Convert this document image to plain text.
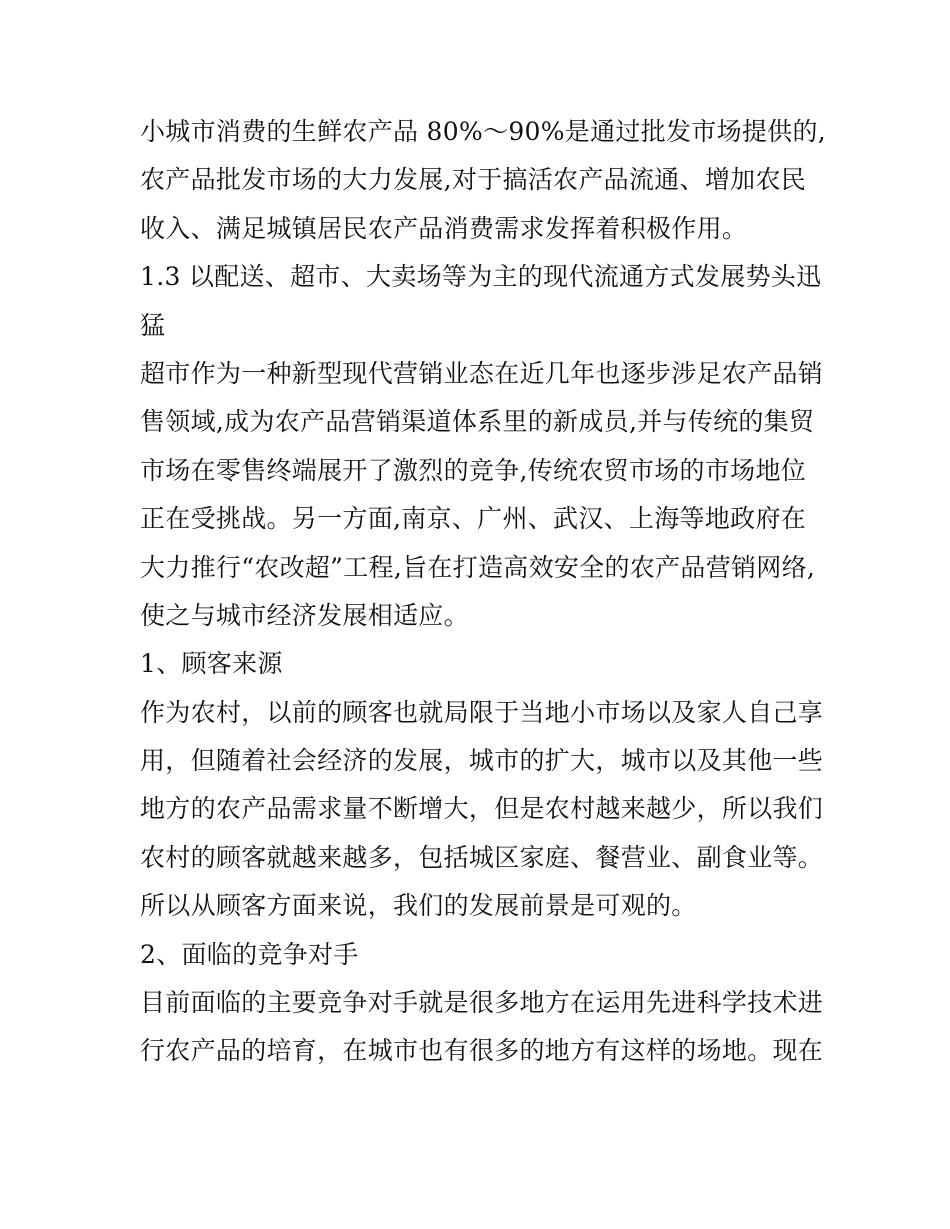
小城市消费的生鲜农产品 80%～90%是通过批发市场提供的,
农产品批发市场的大力发展,对于搞活农产品流通、增加农民
收入、满足城镇居民农产品消费需求发挥着积极作用。
1.3 以配送、超市、大卖场等为主的现代流通方式发展势头迅
猛
超市作为一种新型现代营销业态在近几年也逐步涉足农产品销
售领域,成为农产品营销渠道体系里的新成员,并与传统的集贸
市场在零售终端展开了激烈的竞争,传统农贸市场的市场地位
正在受挑战。另一方面,南京、广州、武汉、上海等地政府在
大力推行“农改超”工程,旨在打造高效安全的农产品营销网络,
使之与城市经济发展相适应。
1、顾客来源
作为农村，以前的顾客也就局限于当地小市场以及家人自己享
用，但随着社会经济的发展，城市的扩大，城市以及其他一些
地方的农产品需求量不断增大，但是农村越来越少，所以我们
农村的顾客就越来越多，包括城区家庭、餐营业、副食业等。
所以从顾客方面来说，我们的发展前景是可观的。
2、面临的竞争对手
目前面临的主要竞争对手就是很多地方在运用先进科学技术进
行农产品的培育，在城市也有很多的地方有这样的场地。现在
